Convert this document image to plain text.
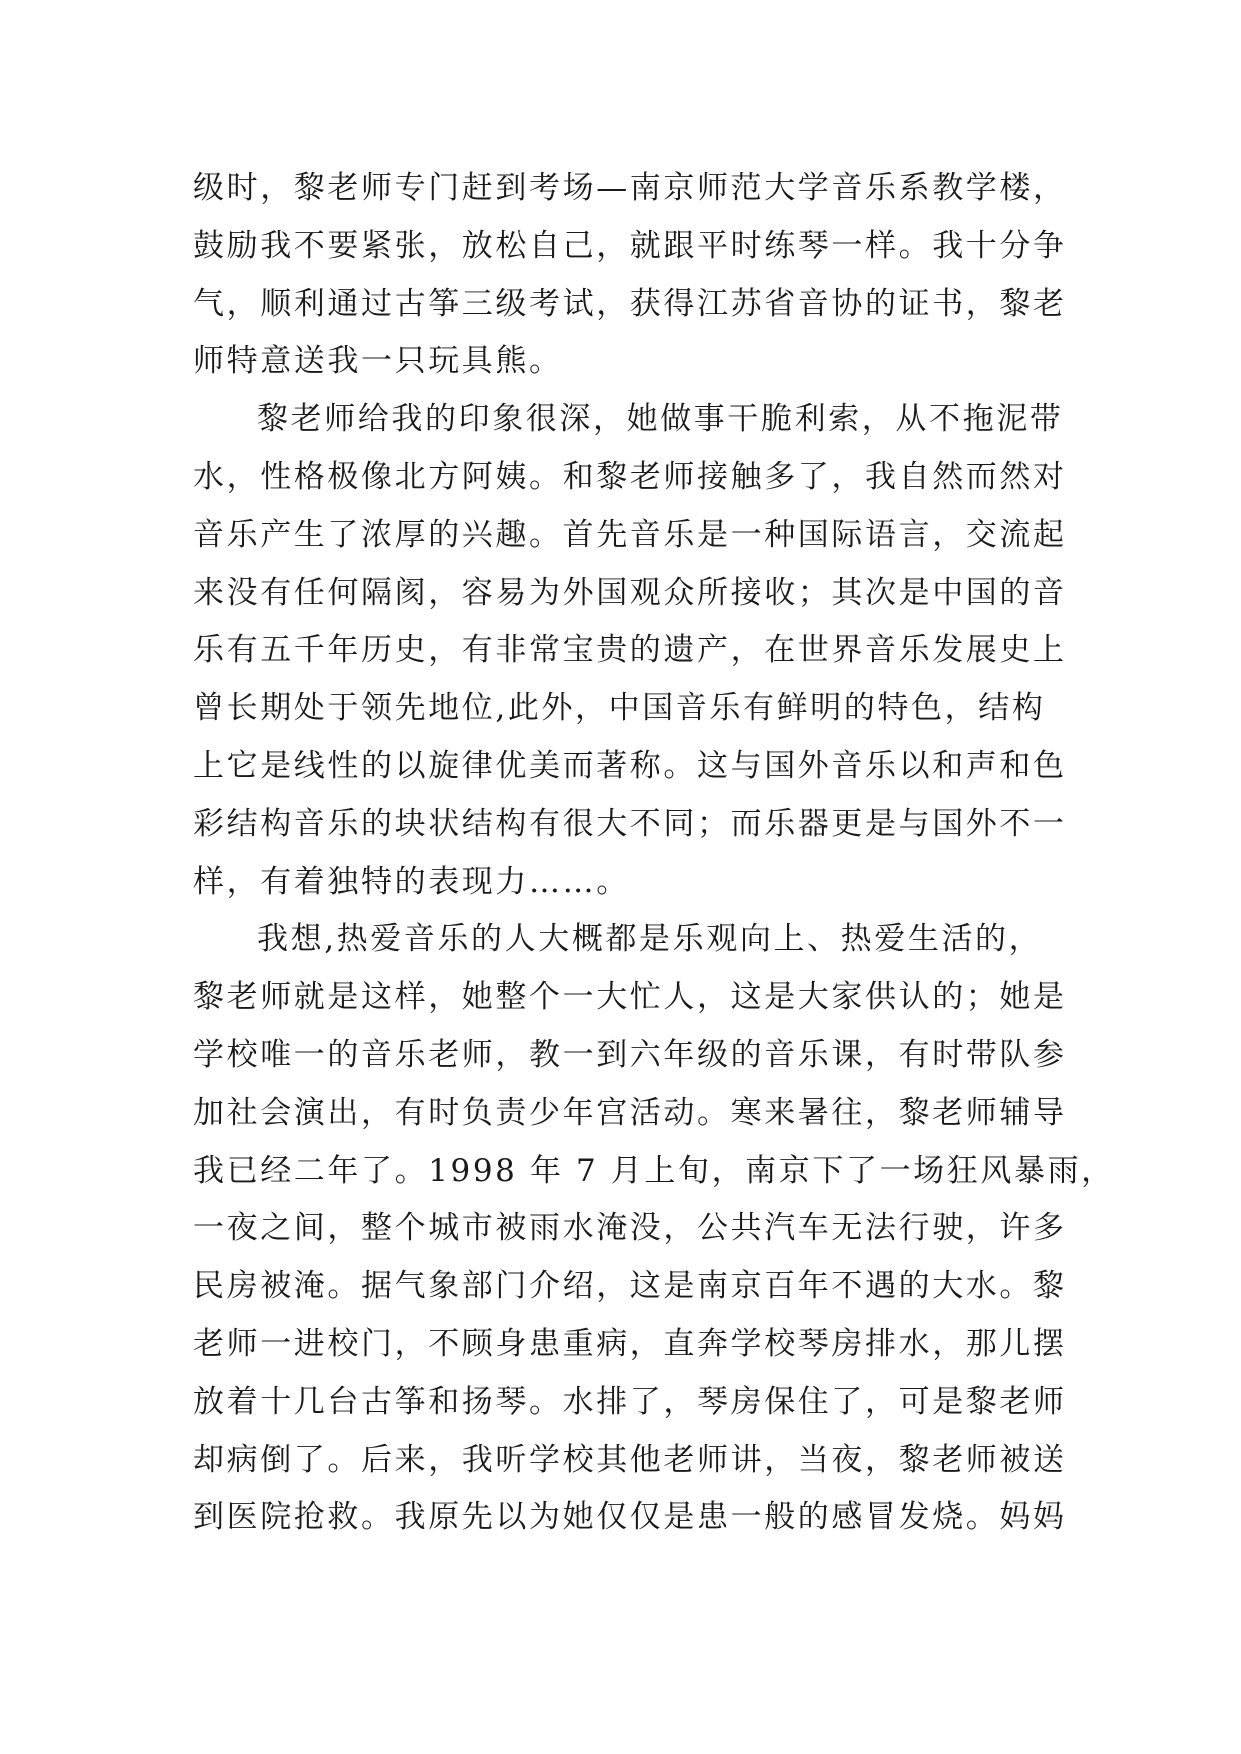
级时，黎老师专门赶到考场—南京师范大学音乐系教学楼，
鼓励我不要紧张，放松自己，就跟平时练琴一样。我十分争
气，顺利通过古筝三级考试，获得江苏省音协的证书，黎老
师特意送我一只玩具熊。
黎老师给我的印象很深，她做事干脆利索，从不拖泥带
水，性格极像北方阿姨。和黎老师接触多了，我自然而然对
音乐产生了浓厚的兴趣。首先音乐是一种国际语言，交流起
来没有任何隔阂，容易为外国观众所接收；其次是中国的音
乐有五千年历史，有非常宝贵的遗产，在世界音乐发展史上
曾长期处于领先地位,此外，中国音乐有鲜明的特色，结构
上它是线性的以旋律优美而著称。这与国外音乐以和声和色
彩结构音乐的块状结构有很大不同；而乐器更是与国外不一
样，有着独特的表现力……。
我想,热爱音乐的人大概都是乐观向上、热爱生活的，
黎老师就是这样，她整个一大忙人，这是大家供认的；她是
学校唯一的音乐老师，教一到六年级的音乐课，有时带队参
加社会演出，有时负责少年宫活动。寒来暑往，黎老师辅导
我已经二年了。1998 年 7 月上旬，南京下了一场狂风暴雨，
一夜之间，整个城市被雨水淹没，公共汽车无法行驶，许多
民房被淹。据气象部门介绍，这是南京百年不遇的大水。黎
老师一进校门，不顾身患重病，直奔学校琴房排水，那儿摆
放着十几台古筝和扬琴。水排了，琴房保住了，可是黎老师
却病倒了。后来，我听学校其他老师讲，当夜，黎老师被送
到医院抢救。我原先以为她仅仅是患一般的感冒发烧。妈妈
